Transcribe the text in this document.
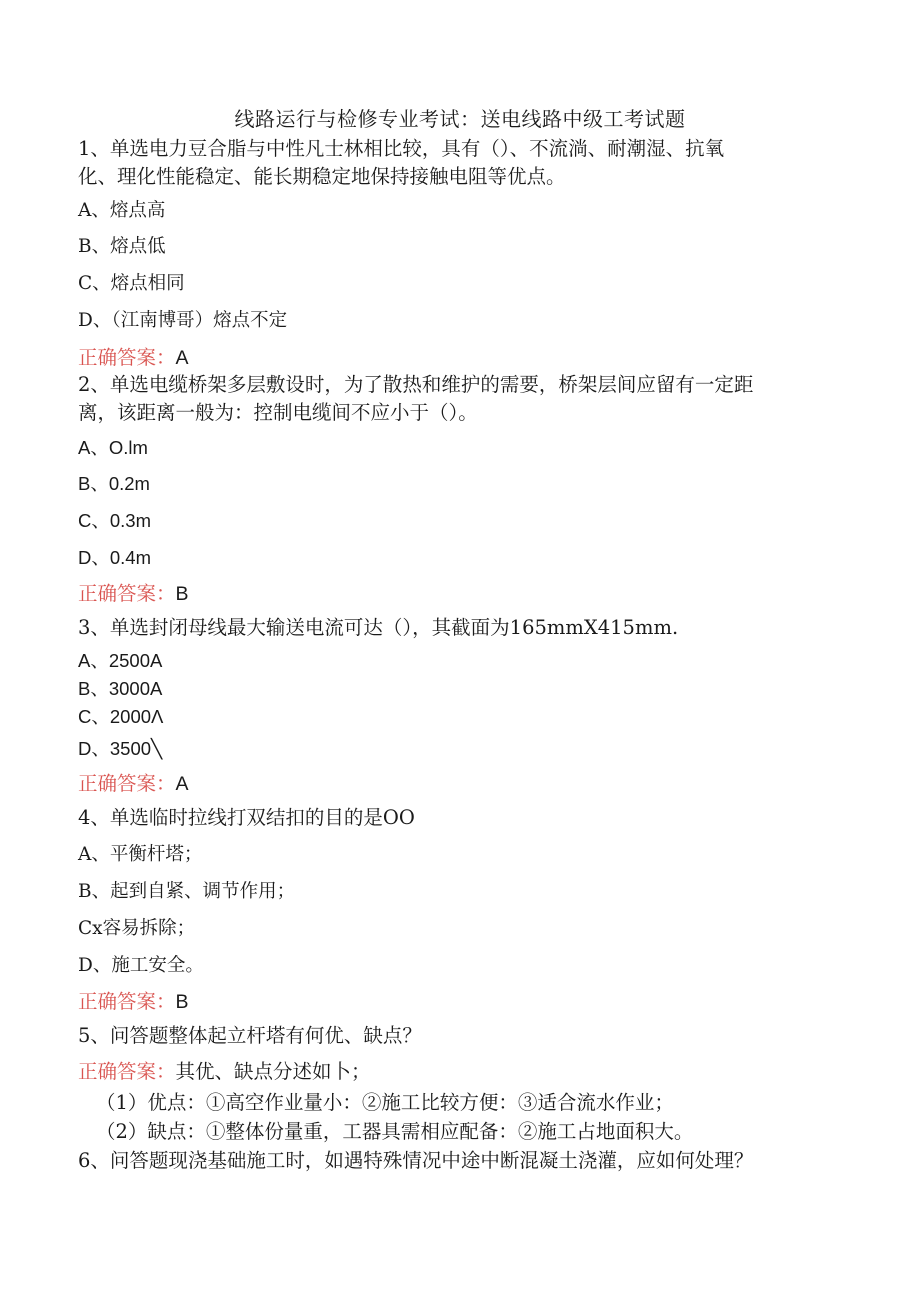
线路运行与检修专业考试：送电线路中级工考试题
1、单选电力豆合脂与中性凡士林相比较，具有（）、不流淌、耐潮湿、抗氧
化、理化性能稳定、能长期稳定地保持接触电阻等优点。
A、熔点高
B、熔点低
C、熔点相同
D、（江南博哥）熔点不定
正确答案：A
2、单选电缆桥架多层敷设时，为了散热和维护的需要，桥架层间应留有一定距
离，该距离一般为：控制电缆间不应小于（）。
A、O.lm
B、0.2m
C、0.3m
D、0.4m
正确答案：B
3、单选封闭母线最大输送电流可达（），其截面为165mmX415mm.
A、2500A
B、3000A
C、2000Λ
D、3500╲
正确答案：A
4、单选临时拉线打双结扣的目的是OO
A、平衡杆塔；
B、起到自紧、调节作用；
Cx容易拆除；
D、施工安全。
正确答案：B
5、问答题整体起立杆塔有何优、缺点？
正确答案：其优、缺点分述如卜；
（1）优点：①高空作业量小：②施工比较方便：③适合流水作业；
（2）缺点：①整体份量重，工器具需相应配备：②施工占地面积大。
6、问答题现浇基础施工时，如遇特殊情况中途中断混凝土浇灌，应如何处理？
